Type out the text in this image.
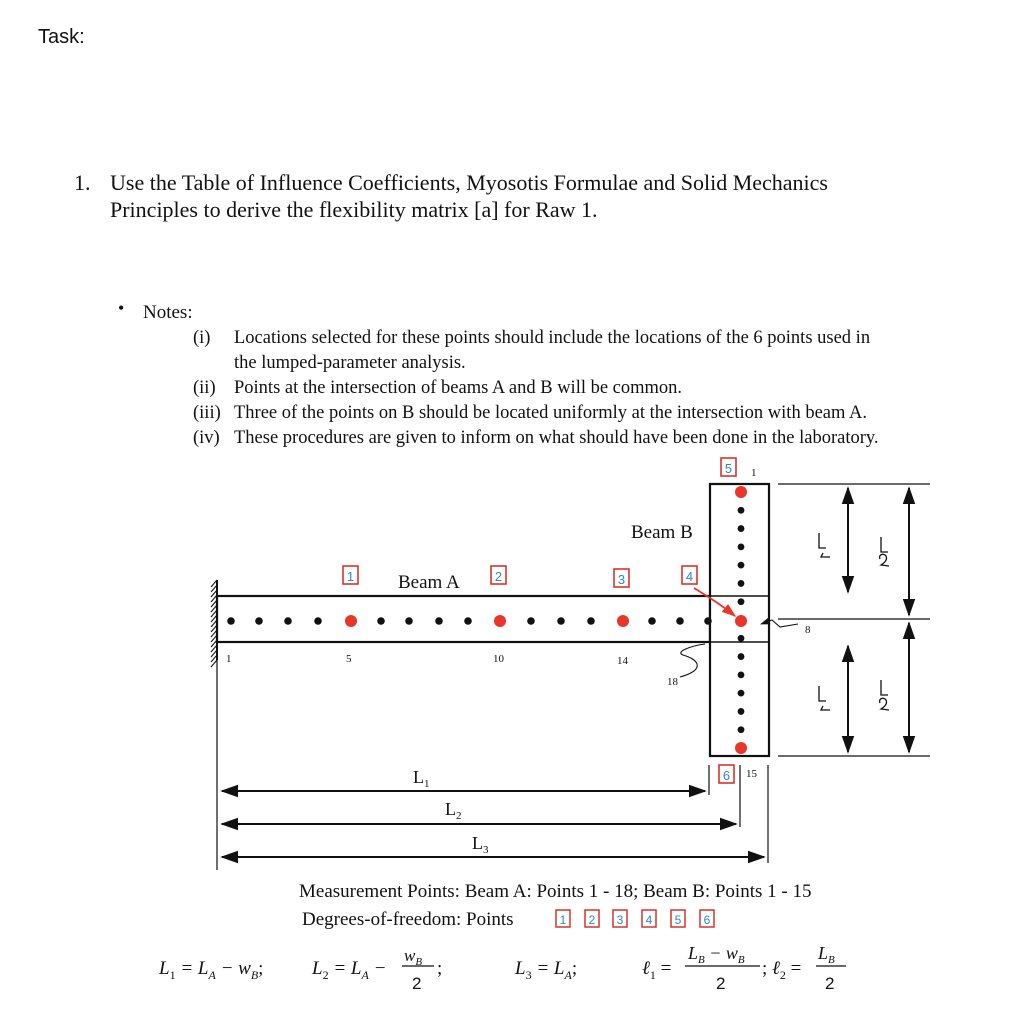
Task:
1. Use the Table of Influence Coefficients, Myosotis Formulae and Solid Mechanics
Principles to derive the flexibility matrix [a] for Raw 1.
• Notes:
(i) Locations selected for these points should include the locations of the 6 points used in
the lumped-parameter analysis.
(ii) Points at the intersection of beams A and B will be common.
(iii) Three of the points on B should be located uniformly at the intersection with beam A.
(iv) These procedures are given to inform on what should have been done in the laboratory.
Beam A
Beam B
1	2	3	4
5
6
1	5	10	14
18
1
8
15
$L_1$
$L_2$
$L_3$
Measurement Points: Beam A: Points 1 - 18; Beam B: Points 1 - 15
Degrees-of-freedom: Points	1 2 3 4 5 6
$L_1 = L_A - w_B$;	$L_2 = L_A$ −
$w_B$
2
;	$L_3 = L_A$;	ℓ$_1$ =
$L_B - w_B$
2
; ℓ$_2$ =
$L_B$
2
